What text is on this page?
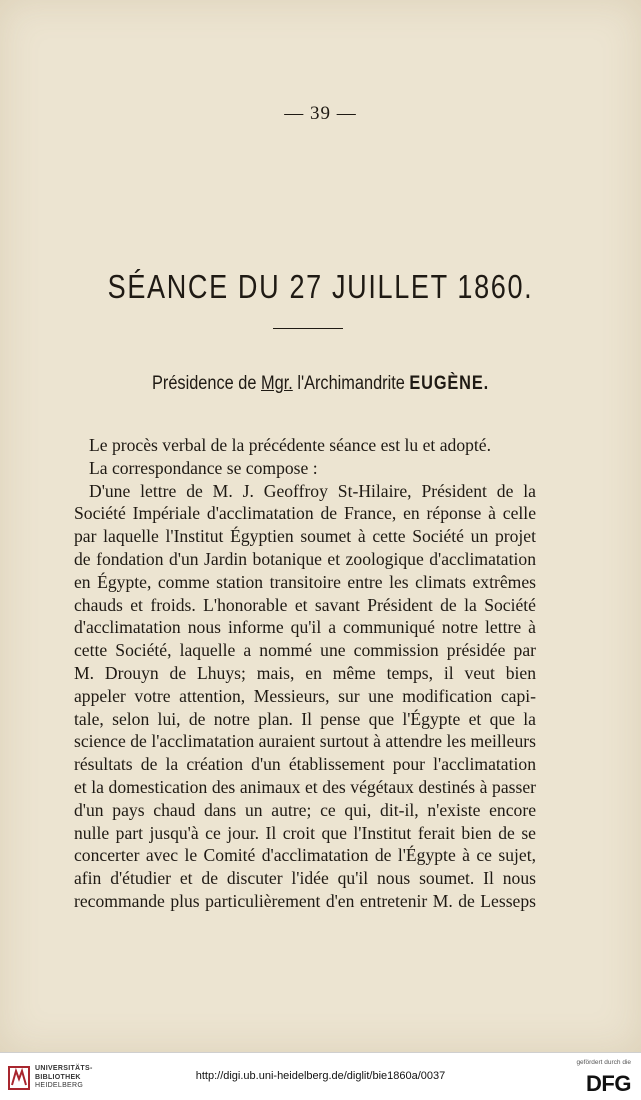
— 39 —
SÉANCE DU 27 JUILLET 1860.
Présidence de Mgr. l'Archimandrite EUGÈNE.
Le procès verbal de la précédente séance est lu et adopté.
La correspondance se compose :
D'une lettre de M. J. Geoffroy St-Hilaire, Président de la
Société Impériale d'acclimatation de France, en réponse à celle
par laquelle l'Institut Égyptien soumet à cette Société un projet
de fondation d'un Jardin botanique et zoologique d'acclimatation
en Égypte, comme station transitoire entre les climats extrêmes
chauds et froids. L'honorable et savant Président de la Société
d'acclimatation nous informe qu'il a communiqué notre lettre à
cette Société, laquelle a nommé une commission présidée par
M. Drouyn de Lhuys; mais, en même temps, il veut bien
appeler votre attention, Messieurs, sur une modification capi-
tale, selon lui, de notre plan. Il pense que l'Égypte et que la
science de l'acclimatation auraient surtout à attendre les meilleurs
résultats de la création d'un établissement pour l'acclimatation
et la domestication des animaux et des végétaux destinés à passer
d'un pays chaud dans un autre; ce qui, dit-il, n'existe encore
nulle part jusqu'à ce jour. Il croit que l'Institut ferait bien de se
concerter avec le Comité d'acclimatation de l'Égypte à ce sujet,
afin d'étudier et de discuter l'idée qu'il nous soumet. Il nous
recommande plus particulièrement d'en entretenir M. de Lesseps
UNIVERSITÄTS-
BIBLIOTHEK
HEIDELBERG
http://digi.ub.uni-heidelberg.de/diglit/bie1860a/0037
gefördert durch die
DFG
